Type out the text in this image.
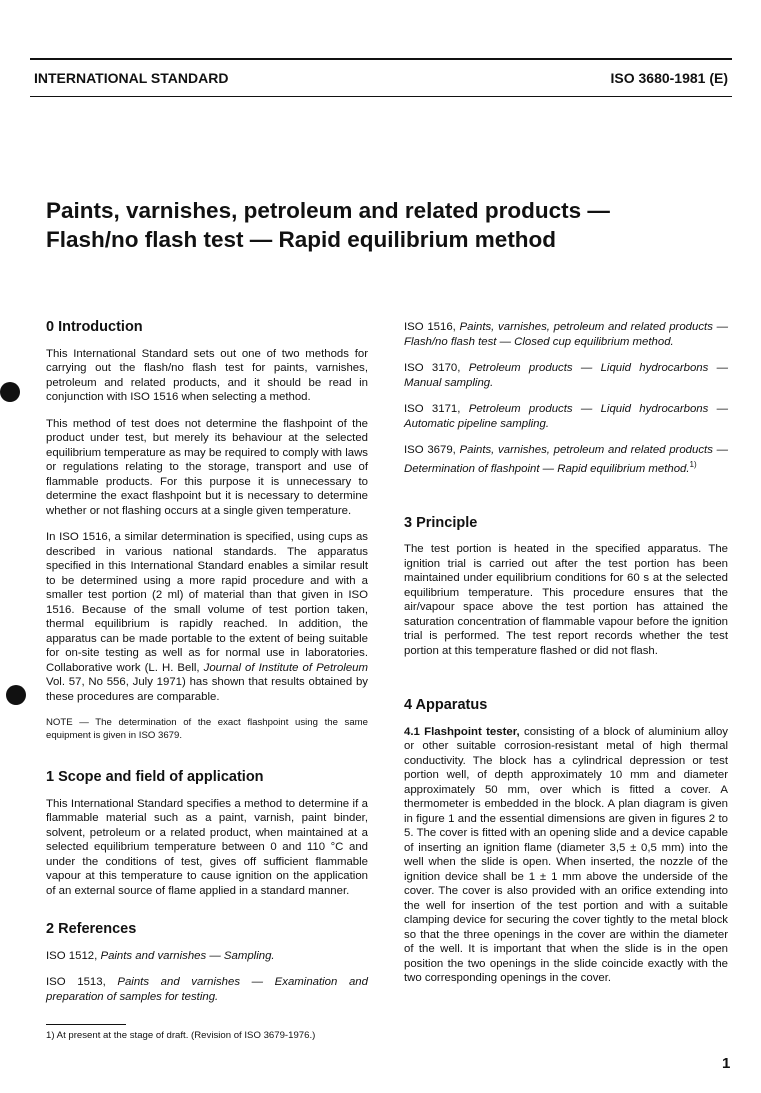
INTERNATIONAL STANDARD	ISO 3680-1981 (E)
Paints, varnishes, petroleum and related products —
Flash/no flash test — Rapid equilibrium method
0 Introduction

This International Standard sets out one of two methods for carrying out the flash/no flash test for paints, varnishes, petroleum and related products, and it should be read in conjunction with ISO 1516 when selecting a method.

This method of test does not determine the flashpoint of the product under test, but merely its behaviour at the selected equilibrium temperature as may be required to comply with laws or regulations relating to the storage, transport and use of flammable products. For this purpose it is unnecessary to determine the exact flashpoint but it is necessary to determine whether or not flashing occurs at a single given temperature.

In ISO 1516, a similar determination is specified, using cups as described in various national standards. The apparatus specified in this International Standard enables a similar result to be determined using a more rapid procedure and with a smaller test portion (2 ml) of material than that given in ISO 1516. Because of the small volume of test portion taken, thermal equilibrium is rapidly reached. In addition, the apparatus can be made portable to the extent of being suitable for on-site testing as well as for normal use in laboratories. Collaborative work (L. H. Bell, Journal of Institute of Petroleum Vol. 57, No 556, July 1971) has shown that results obtained by these procedures are comparable.

NOTE — The determination of the exact flashpoint using the same equipment is given in ISO 3679.

1 Scope and field of application

This International Standard specifies a method to determine if a flammable material such as a paint, varnish, paint binder, solvent, petroleum or a related product, when maintained at a selected equilibrium temperature between 0 and 110 °C and under the conditions of test, gives off sufficient flammable vapour at this temperature to cause ignition on the application of an external source of flame applied in a standard manner.

2 References

ISO 1512, Paints and varnishes — Sampling.

ISO 1513, Paints and varnishes — Examination and preparation of samples for testing.

ISO 1516, Paints, varnishes, petroleum and related products — Flash/no flash test — Closed cup equilibrium method.

ISO 3170, Petroleum products — Liquid hydrocarbons — Manual sampling.

ISO 3171, Petroleum products — Liquid hydrocarbons — Automatic pipeline sampling.

ISO 3679, Paints, varnishes, petroleum and related products — Determination of flashpoint — Rapid equilibrium method.$^{1)}$

3 Principle

The test portion is heated in the specified apparatus. The ignition trial is carried out after the test portion has been maintained under equilibrium conditions for 60 s at the selected equilibrium temperature. This procedure ensures that the air/vapour space above the test portion has attained the saturation concentration of flammable vapour before the ignition trial is performed. The test report records whether the test portion at this temperature flashed or did not flash.

4 Apparatus

4.1 Flashpoint tester, consisting of a block of aluminium alloy or other suitable corrosion-resistant metal of high thermal conductivity. The block has a cylindrical depression or test portion well, of depth approximately 10 mm and diameter approximately 50 mm, over which is fitted a cover. A thermometer is embedded in the block. A plan diagram is given in figure 1 and the essential dimensions are given in figures 2 to 5. The cover is fitted with an opening slide and a device capable of inserting an ignition flame (diameter 3,5 ± 0,5 mm) into the well when the slide is open. When inserted, the nozzle of the ignition device shall be 1 ± 1 mm above the underside of the cover. The cover is also provided with an orifice extending into the well for insertion of the test portion and with a suitable clamping device for securing the cover tightly to the metal block so that the three openings in the cover are within the diameter of the well. It is important that when the slide is in the open position the two openings in the slide coincide exactly with the two corresponding openings in the cover.

1) At present at the stage of draft. (Revision of ISO 3679-1976.)
1
